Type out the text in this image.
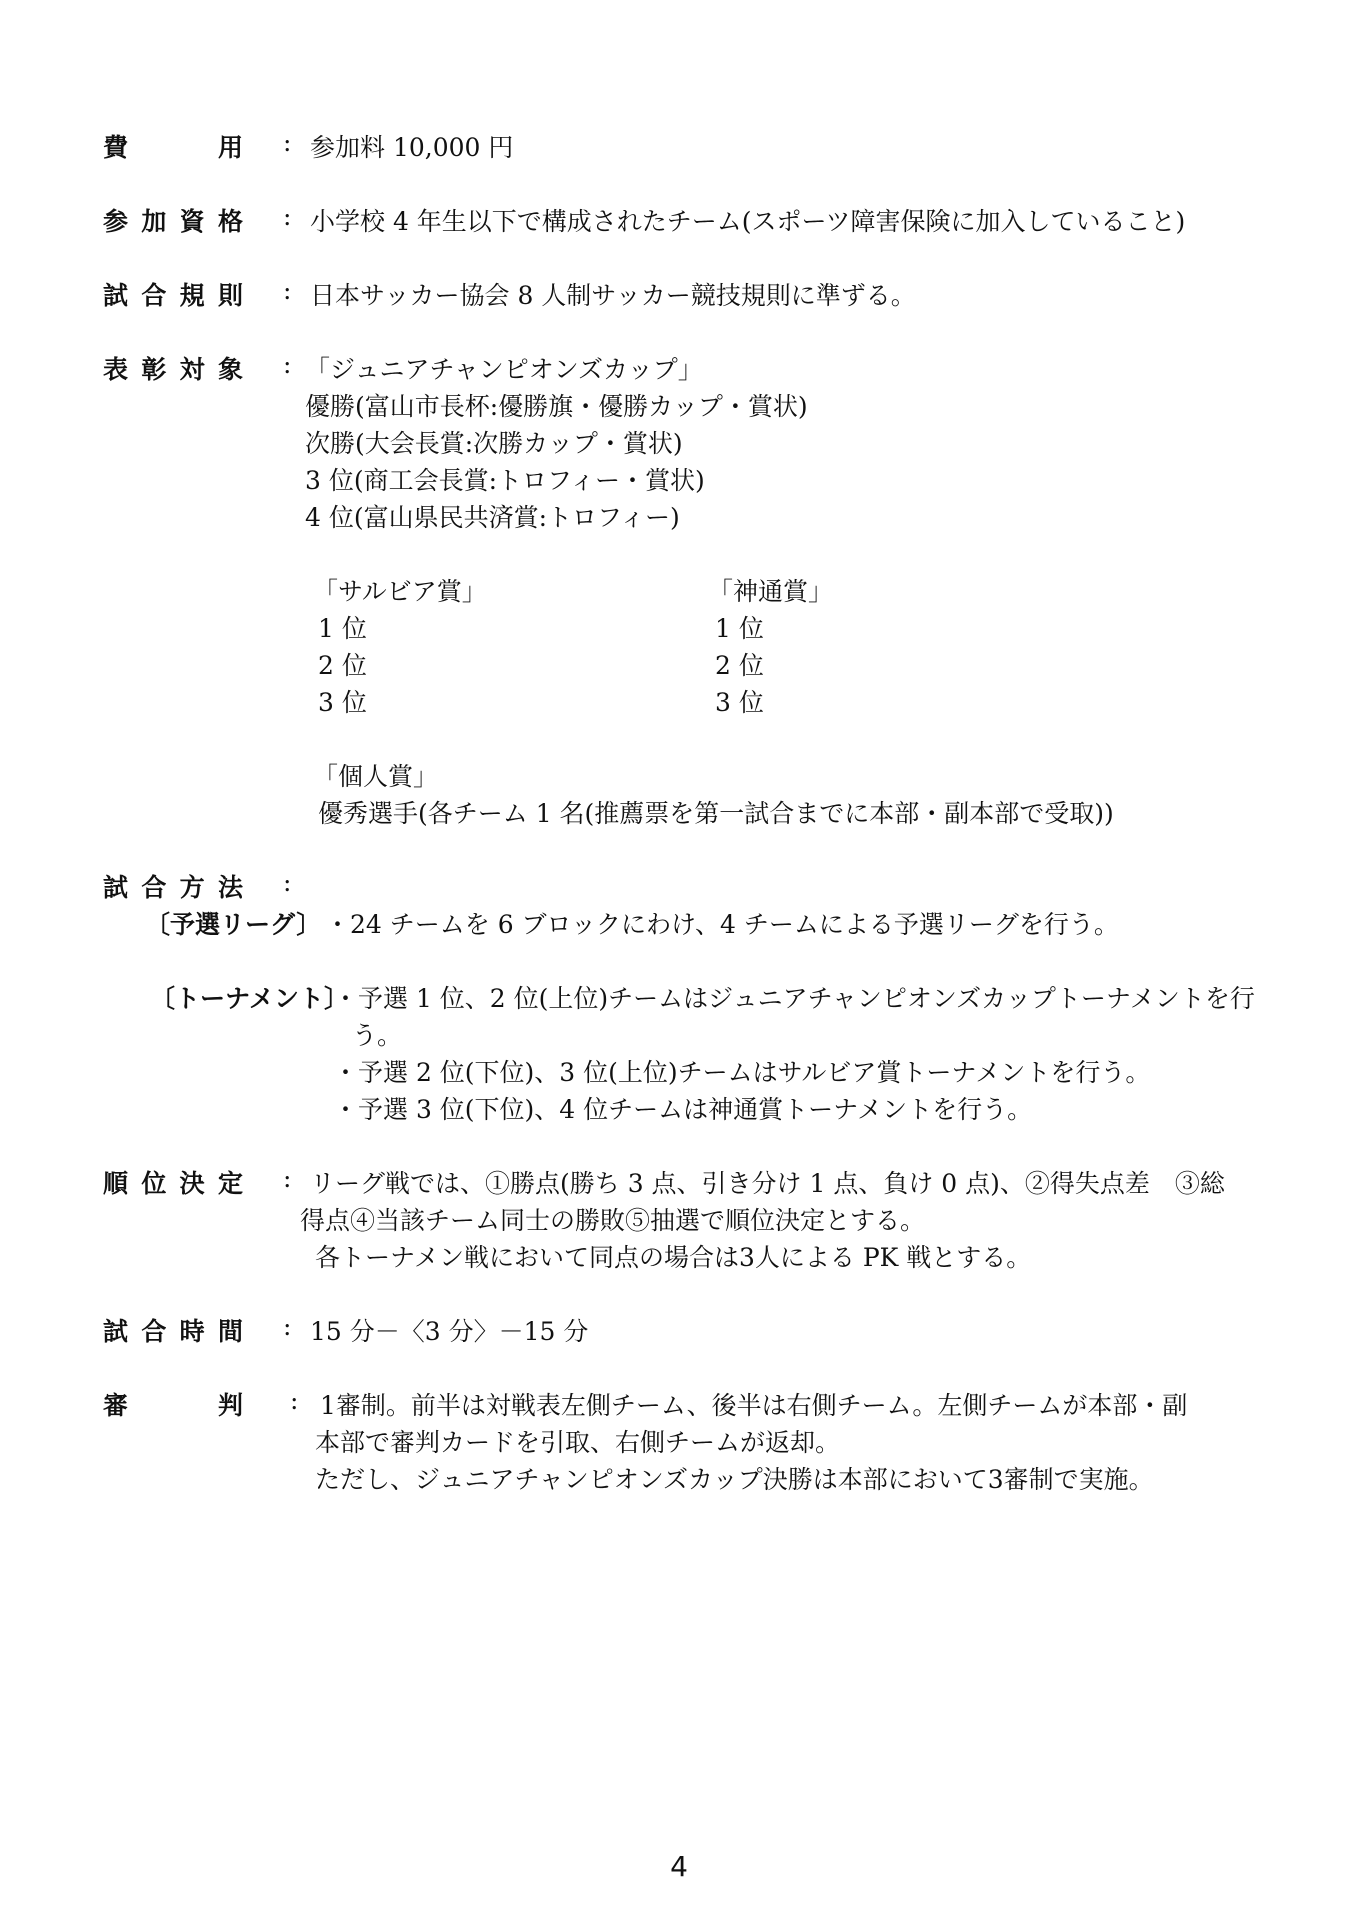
費	用 : 参加料 10,000 円
参 加 資 格 : 小学校 4 年生以下で構成されたチーム(スポーツ障害保険に加入していること)
試 合 規 則 : 日本サッカー協会 8 人制サッカー競技規則に準ずる。
表 彰 対 象 : 「ジュニアチャンピオンズカップ」
優勝(富山市長杯:優勝旗・優勝カップ・賞状)
次勝(大会長賞:次勝カップ・賞状)
3 位(商工会長賞:トロフィー・賞状)
4 位(富山県民共済賞:トロフィー)
「サルビア賞」
1 位
2 位
3 位
「神通賞」
1 位
2 位
3 位
「個人賞」
優秀選手(各チーム 1 名(推薦票を第一試合までに本部・副本部で受取))
試 合 方 法 :
〔予選リーグ〕 ・24 チームを 6 ブロックにわけ、4 チームによる予選リーグを行う。
〔トーナメント〕
・予選 1 位、2 位(上位)チームはジュニアチャンピオンズカップトーナメントを行
う。
・予選 2 位(下位)、3 位(上位)チームはサルビア賞トーナメントを行う。
・予選 3 位(下位)、4 位チームは神通賞トーナメントを行う。
順 位 決 定 : リーグ戦では、①勝点(勝ち 3 点、引き分け 1 点、負け 0 点)、②得失点差　③総
得点④当該チーム同士の勝敗⑤抽選で順位決定とする。
各トーナメン戦において同点の場合は3人による PK 戦とする。
試 合 時 間 : 15 分－〈3 分〉－15 分
審	判 : 1審制。前半は対戦表左側チーム、後半は右側チーム。左側チームが本部・副
本部で審判カードを引取、右側チームが返却。
ただし、ジュニアチャンピオンズカップ決勝は本部において3審制で実施。
4
